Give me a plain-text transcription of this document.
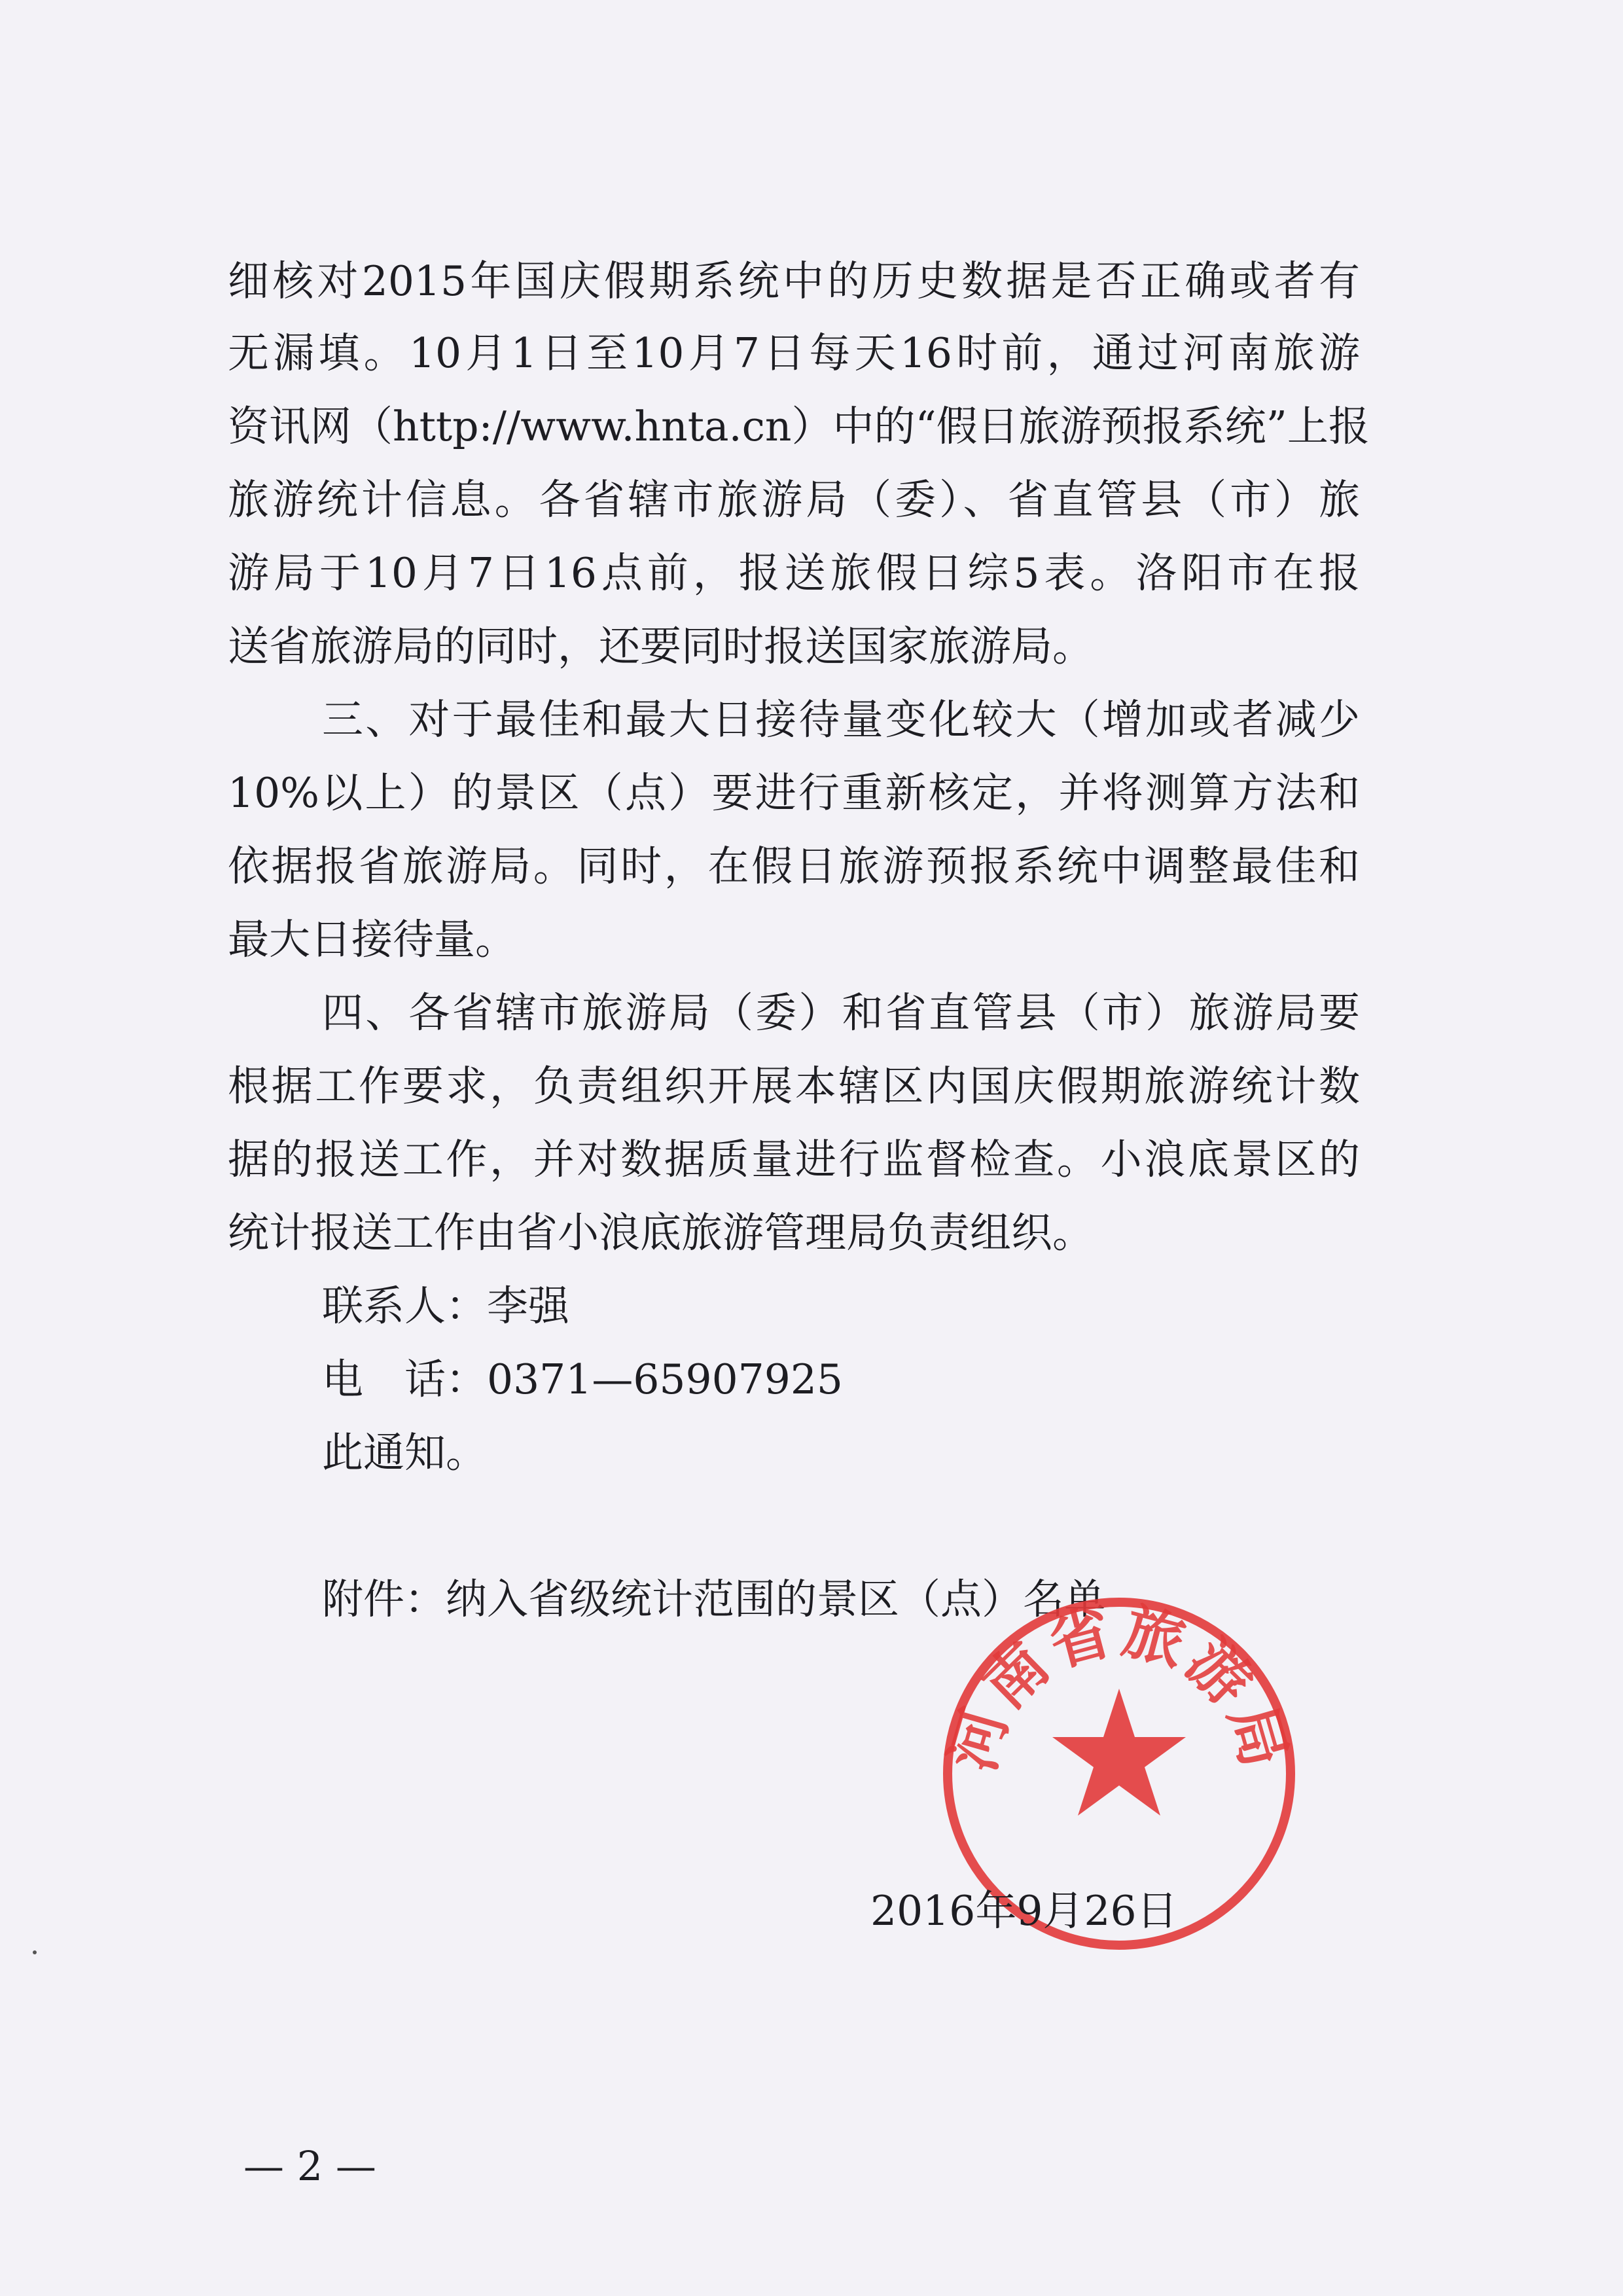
细核对2015年国庆假期系统中的历史数据是否正确或者有
无漏填。10月1日至10月7日每天16时前，通过河南旅游
资讯网（http://www.hnta.cn）中的“假日旅游预报系统”上报
旅游统计信息。各省辖市旅游局（委）、省直管县（市）旅
游局于10月7日16点前，报送旅假日综5表。洛阳市在报
送省旅游局的同时，还要同时报送国家旅游局。
三、对于最佳和最大日接待量变化较大（增加或者减少
10%以上）的景区（点）要进行重新核定，并将测算方法和
依据报省旅游局。同时，在假日旅游预报系统中调整最佳和
最大日接待量。
四、各省辖市旅游局（委）和省直管县（市）旅游局要
根据工作要求，负责组织开展本辖区内国庆假期旅游统计数
据的报送工作，并对数据质量进行监督检查。小浪底景区的
统计报送工作由省小浪底旅游管理局负责组织。
联系人：李强
电　话：0371—65907925
此通知。
附件：纳入省级统计范围的景区（点）名单
河南省旅游局
2016年9月26日
— 2 —
